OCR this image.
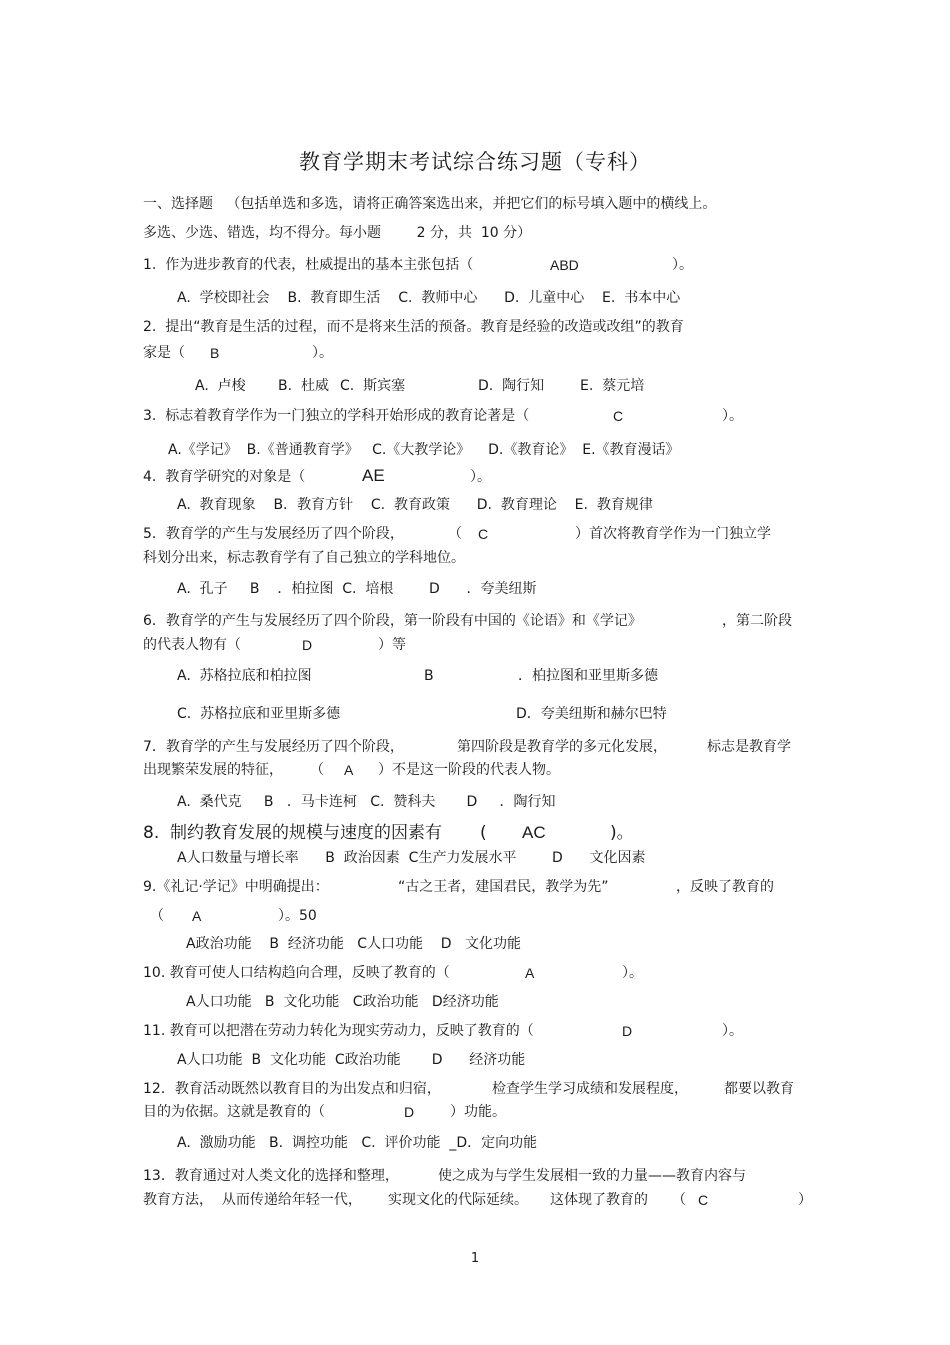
教育学期末考试综合练习题（专科）
一、选择题   （包括单选和多选，请将正确答案选出来，并把它们的标号填入题中的横线上。
多选、少选、错选，均不得分。每小题        2 分，共  10 分）
1.  作为进步教育的代表，杜威提出的基本主张包括（	ABD	）。
A.  学校即社会    B.  教育即生活    C.  教师中心      D.  儿童中心    E.  书本中心
2.  提出“教育是生活的过程，而不是将来生活的预备。教育是经验的改造或改组”的教育
家是（ B	）。
A.  卢梭 B.  杜威 C.  斯宾塞	D.  陶行知	E.  蔡元培
3.  标志着教育学作为一门独立的学科开始形成的教育论著是（	C	）。
A.《学记》  B.《普通教育学》   C.《大教学论》    D.《教育论》  E.《教育漫话》
4.  教育学研究的对象是（	AE	）。
A.  教育现象    B．教育方针    C.  教育政策      D.  教育理论    E.  教育规律
5．教育学的产生与发展经历了四个阶段，	（ C	）首次将教育学作为一门独立学
科划分出来，标志教育学有了自己独立的学科地位。
A.  孔子     B    ．柏拉图  C.  培根        D      ．夸美纽斯
6．教育学的产生与发展经历了四个阶段，第一阶段有中国的《论语》和《学记》	，第二阶段
的代表人物有（	D	）等
A.  苏格拉底和柏拉图	B	．柏拉图和亚里斯多德
C.  苏格拉底和亚里斯多德	D．夸美纽斯和赫尔巴特
7．教育学的产生与发展经历了四个阶段，	第四阶段是教育学的多元化发展，	标志是教育学
出现繁荣发展的特征， （ A ）不是这一阶段的代表人物。
A.  桑代克     B   ．马卡连柯   C.  赞科夫       D     ．陶行知
8.  制约教育发展的规模与速度的因素有 ( AC	)。
A人口数量与增长率      B  政治因素  C生产力发展水平        D      文化因素
9.《礼记·学记》中明确提出：	“古之王者，建国君民，教学为先”	，反映了教育的
（ A	）。50
A政治功能    B  经济功能   C人口功能    D   文化功能
10. 教育可使人口结构趋向合理，反映了教育的（	A	）。
A人口功能   B  文化功能   C政治功能   D经济功能
11. 教育可以把潜在劳动力转化为现实劳动力，反映了教育的（	D	）。
A人口功能  B  文化功能  C政治功能       D      经济功能
12．教育活动既然以教育目的为出发点和归宿，	检查学生学习成绩和发展程度，	都要以教育
目的为依据。这就是教育的（	D	）功能。
A.  激励功能   B.  调控功能   C.  评价功能  _D．定向功能
13．教育通过对人类文化的选择和整理，	使之成为与学生发展相一致的力量——教育内容与
教育方法，  从而传递给年轻一代， 实现文化的代际延续。 这体现了教育的 （ C	）
1
